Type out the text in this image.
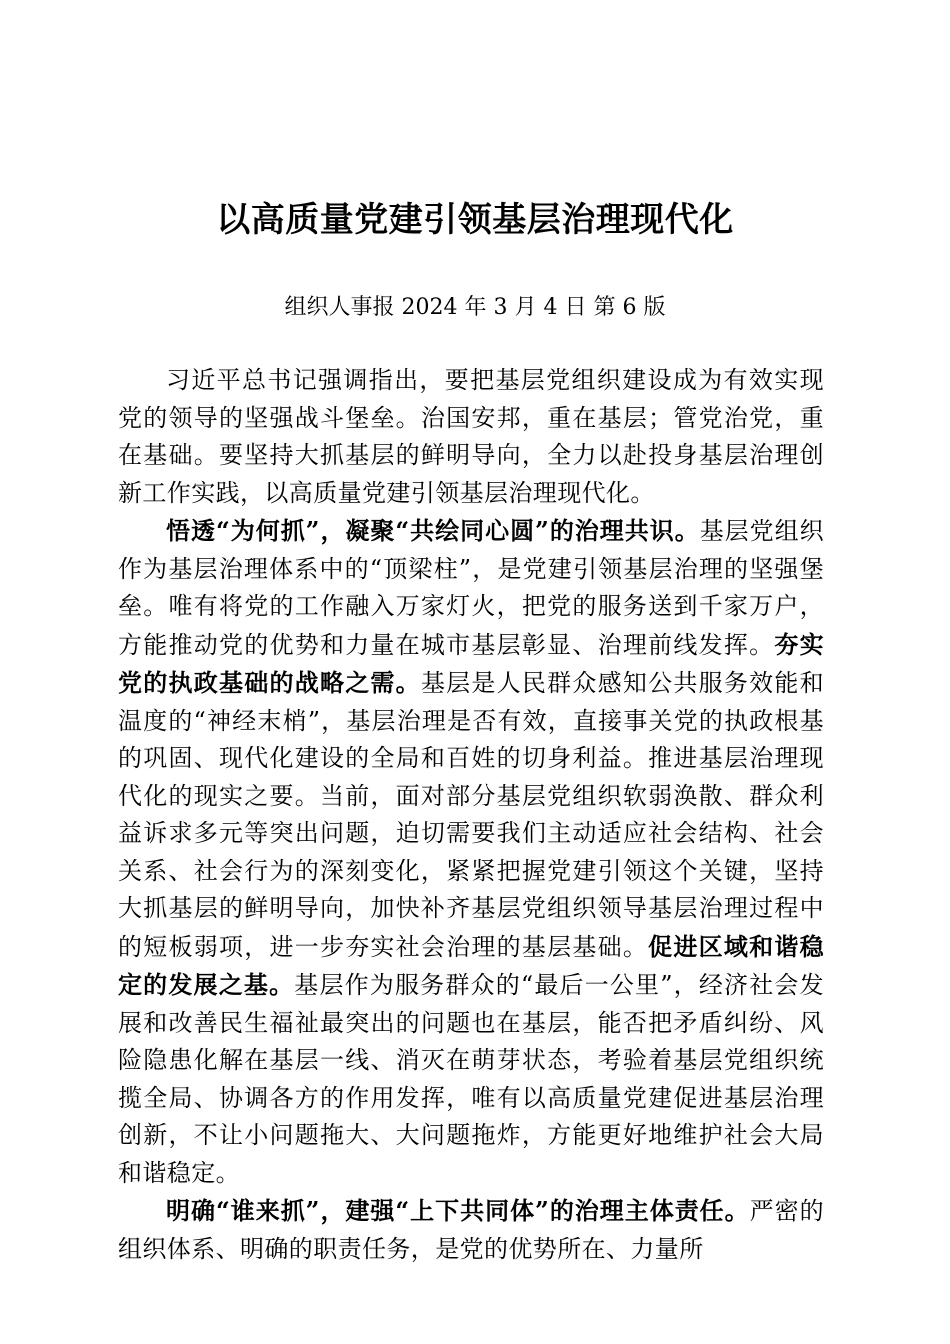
以高质量党建引领基层治理现代化

组织人事报 2024 年 3 月 4 日 第 6 版

习近平总书记强调指出，要把基层党组织建设成为有效实现党的领导的坚强战斗堡垒。治国安邦，重在基层；管党治党，重在基础。要坚持大抓基层的鲜明导向，全力以赴投身基层治理创新工作实践，以高质量党建引领基层治理现代化。

悟透“为何抓”，凝聚“共绘同心圆”的治理共识。基层党组织作为基层治理体系中的“顶梁柱”，是党建引领基层治理的坚强堡垒。唯有将党的工作融入万家灯火，把党的服务送到千家万户，方能推动党的优势和力量在城市基层彰显、治理前线发挥。夯实党的执政基础的战略之需。基层是人民群众感知公共服务效能和温度的“神经末梢”，基层治理是否有效，直接事关党的执政根基的巩固、现代化建设的全局和百姓的切身利益。推进基层治理现代化的现实之要。当前，面对部分基层党组织软弱涣散、群众利益诉求多元等突出问题，迫切需要我们主动适应社会结构、社会关系、社会行为的深刻变化，紧紧把握党建引领这个关键，坚持大抓基层的鲜明导向，加快补齐基层党组织领导基层治理过程中的短板弱项，进一步夯实社会治理的基层基础。促进区域和谐稳定的发展之基。基层作为服务群众的“最后一公里”，经济社会发展和改善民生福祉最突出的问题也在基层，能否把矛盾纠纷、风险隐患化解在基层一线、消灭在萌芽状态，考验着基层党组织统揽全局、协调各方的作用发挥，唯有以高质量党建促进基层治理创新，不让小问题拖大、大问题拖炸，方能更好地维护社会大局和谐稳定。

明确“谁来抓”，建强“上下共同体”的治理主体责任。严密的组织体系、明确的职责任务，是党的优势所在、力量所
